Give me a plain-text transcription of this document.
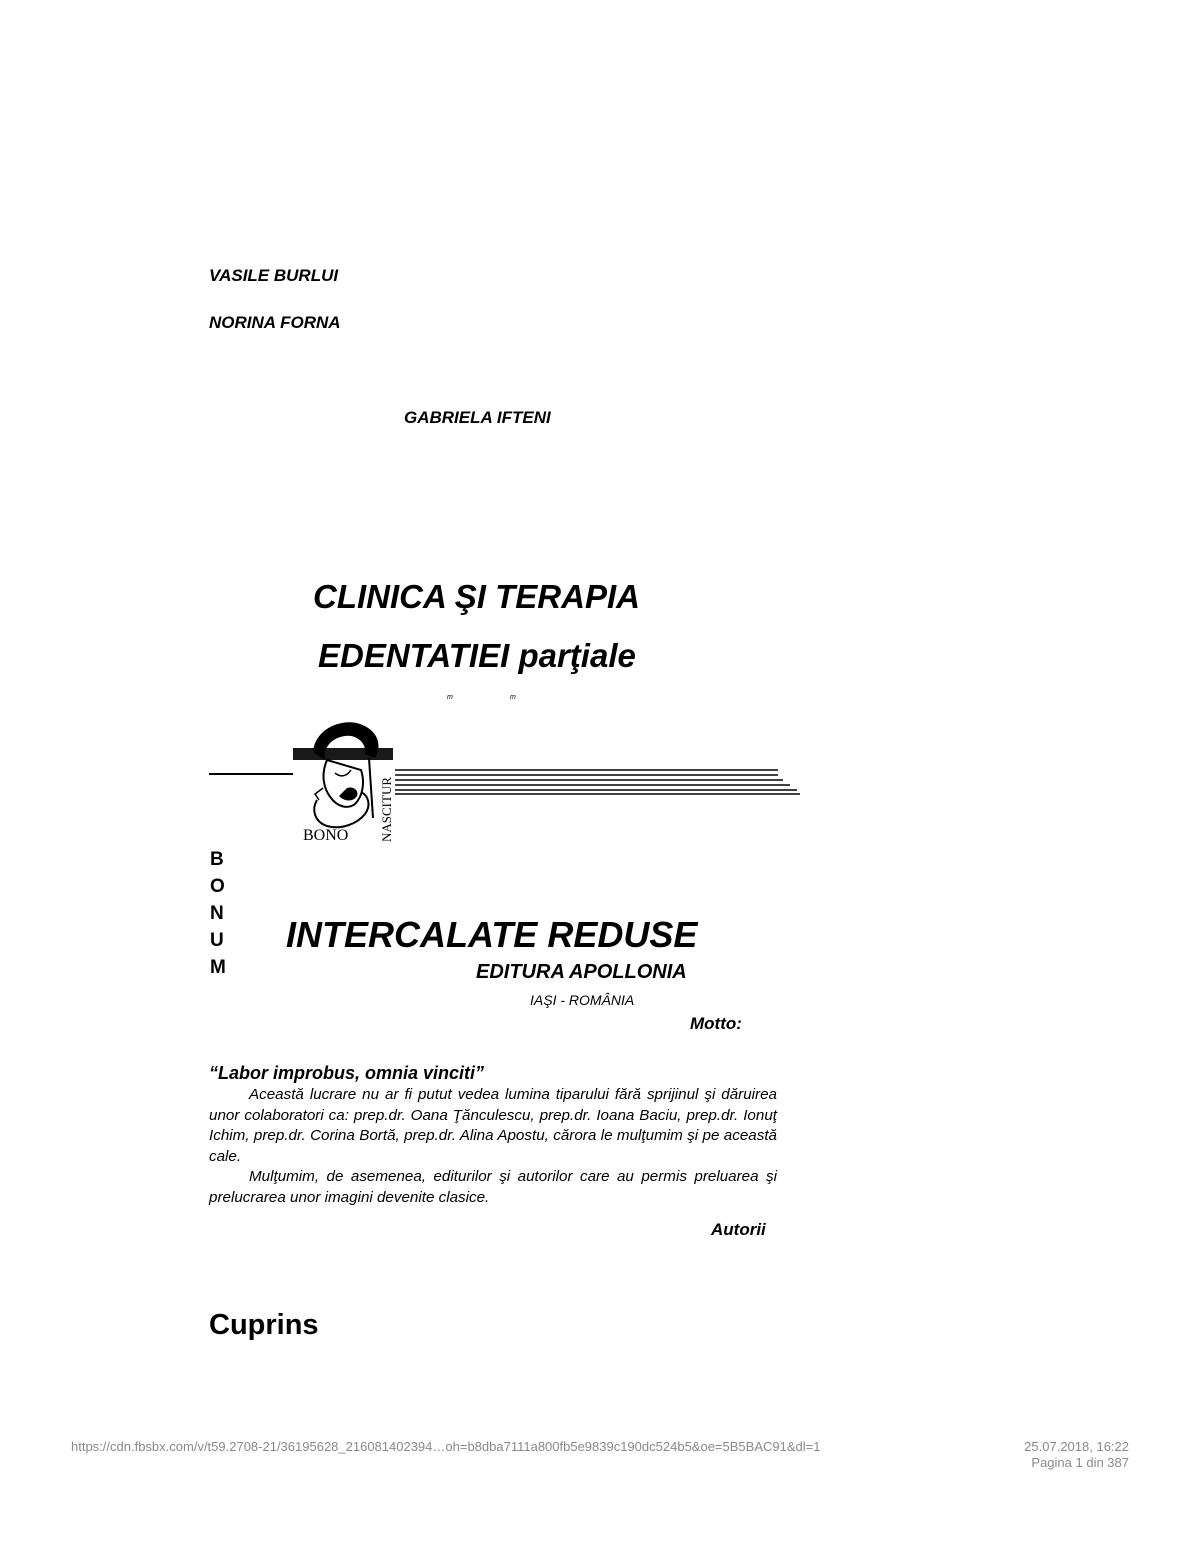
VASILE BURLUI
NORINA FORNA
GABRIELA IFTENI
CLINICA ŞI TERAPIA
EDENTATIEI parţiale
m	m
BONO NASCITUR
B
O
N
U
M
INTERCALATE REDUSE
EDITURA APOLLONIA
IAŞI - ROMÂNIA
Motto:
“Labor improbus, omnia vinciti”

Această lucrare nu ar fi putut vedea lumina tiparului fără sprijinul şi dăruirea unor colaboratori ca: prep.dr. Oana Ţănculescu, prep.dr. Ioana Baciu, prep.dr. Ionuţ Ichim, prep.dr. Corina Bortă, prep.dr. Alina Apostu, cărora le mulţumim şi pe această cale.

Mulţumim, de asemenea, editurilor şi autorilor care au permis preluarea şi prelucrarea unor imagini devenite clasice.

Autorii
Cuprins
https://cdn.fbsbx.com/v/t59.2708-21/36195628_216081402394…oh=b8dba7111a800fb5e9839c190dc524b5&oe=5B5BAC91&dl=1	25.07.2018, 16:22
Pagina 1 din 387
